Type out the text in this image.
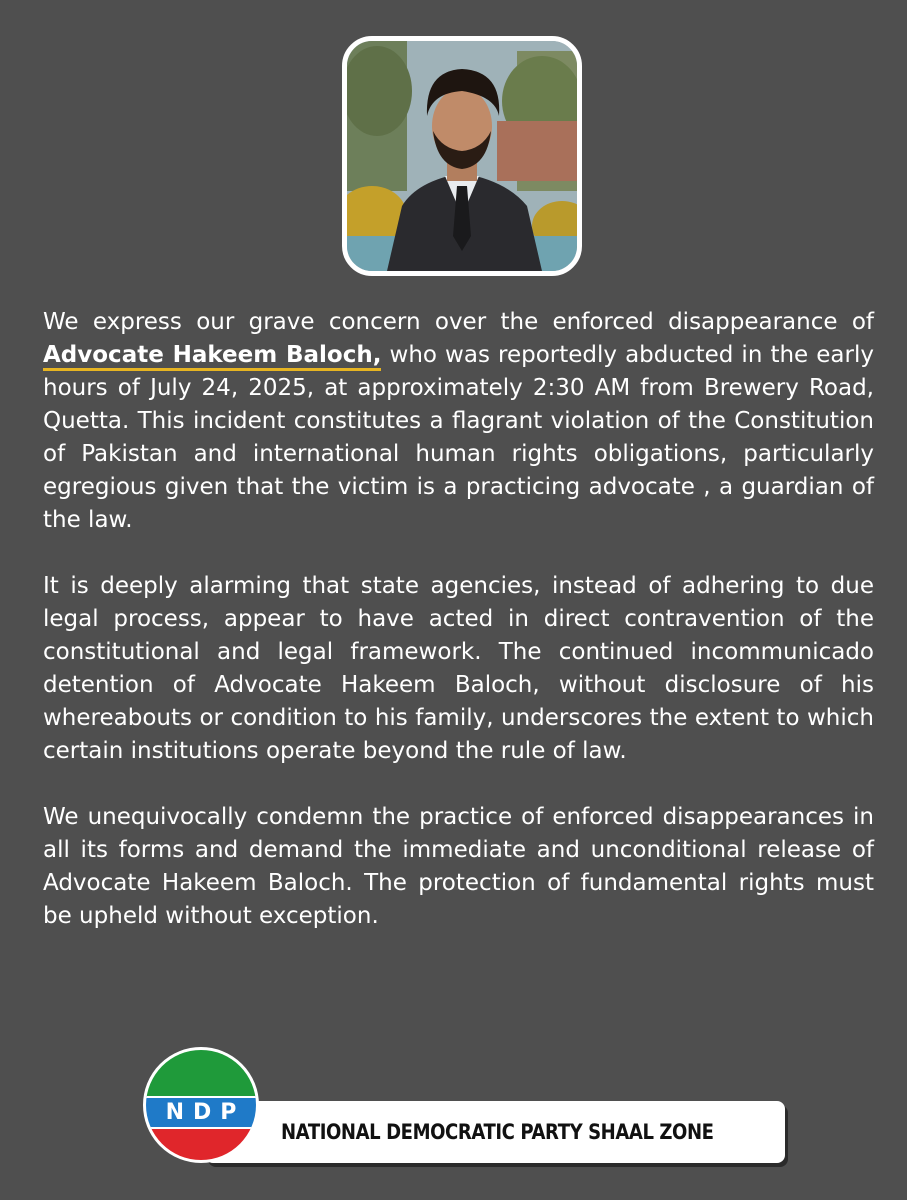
We express our grave concern over the enforced disappearance of Advocate Hakeem Baloch, who was reportedly abducted in the early hours of July 24, 2025, at approximately 2:30 AM from Brewery Road, Quetta. This incident constitutes a flagrant violation of the Constitution of Pakistan and international human rights obligations, particularly egregious given that the victim is a practicing advocate , a guardian of the law.

It is deeply alarming that state agencies, instead of adhering to due legal process, appear to have acted in direct contravention of the constitutional and legal framework. The continued incommunicado detention of Advocate Hakeem Baloch, without disclosure of his whereabouts or condition to his family, underscores the extent to which certain institutions operate beyond the rule of law.

We unequivocally condemn the practice of enforced disappearances in all its forms and demand the immediate and unconditional release of Advocate Hakeem Baloch. The protection of fundamental rights must be upheld without exception.

NATIONAL DEMOCRATIC PARTY SHAAL ZONE
NDP
